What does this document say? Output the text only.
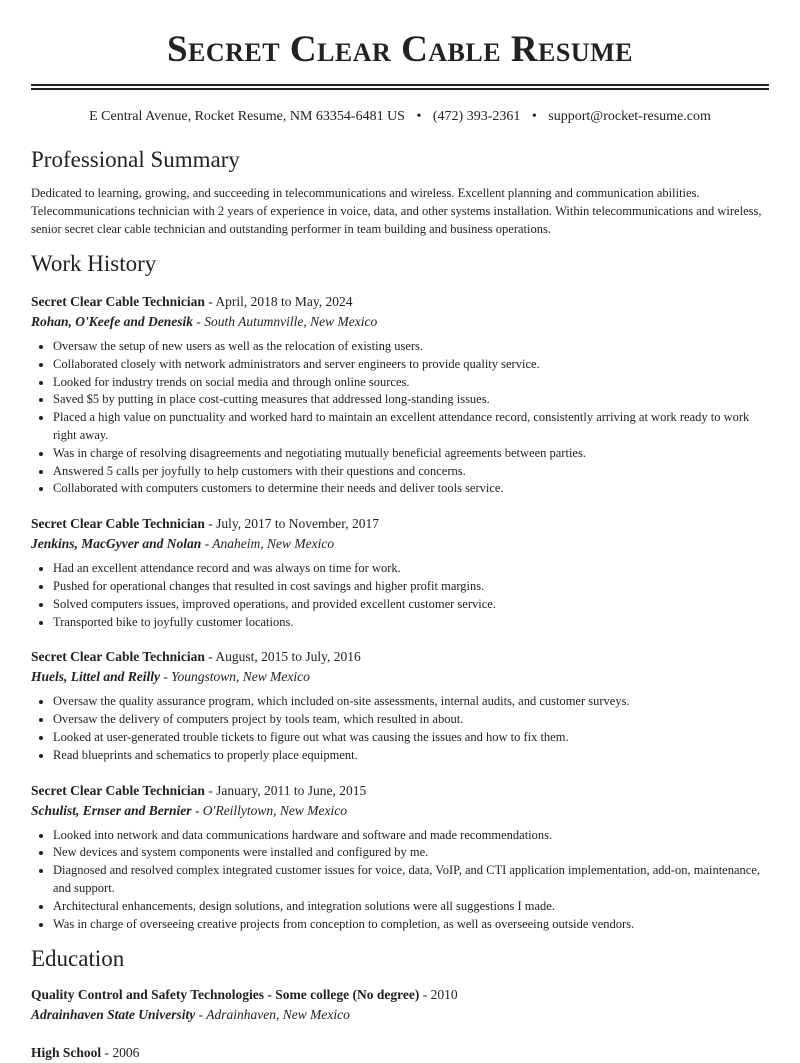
Secret Clear Cable Resume
E Central Avenue, Rocket Resume, NM 63354-6481 US • (472) 393-2361 • support@rocket-resume.com
Professional Summary
Dedicated to learning, growing, and succeeding in telecommunications and wireless. Excellent planning and communication abilities. Telecommunications technician with 2 years of experience in voice, data, and other systems installation. Within telecommunications and wireless, senior secret clear cable technician and outstanding performer in team building and business operations.
Work History
Secret Clear Cable Technician - April, 2018 to May, 2024
Rohan, O'Keefe and Denesik - South Autumnville, New Mexico
• Oversaw the setup of new users as well as the relocation of existing users.
• Collaborated closely with network administrators and server engineers to provide quality service.
• Looked for industry trends on social media and through online sources.
• Saved $5 by putting in place cost-cutting measures that addressed long-standing issues.
• Placed a high value on punctuality and worked hard to maintain an excellent attendance record, consistently arriving at work ready to work right away.
• Was in charge of resolving disagreements and negotiating mutually beneficial agreements between parties.
• Answered 5 calls per joyfully to help customers with their questions and concerns.
• Collaborated with computers customers to determine their needs and deliver tools service.
Secret Clear Cable Technician - July, 2017 to November, 2017
Jenkins, MacGyver and Nolan - Anaheim, New Mexico
• Had an excellent attendance record and was always on time for work.
• Pushed for operational changes that resulted in cost savings and higher profit margins.
• Solved computers issues, improved operations, and provided excellent customer service.
• Transported bike to joyfully customer locations.
Secret Clear Cable Technician - August, 2015 to July, 2016
Huels, Littel and Reilly - Youngstown, New Mexico
• Oversaw the quality assurance program, which included on-site assessments, internal audits, and customer surveys.
• Oversaw the delivery of computers project by tools team, which resulted in about.
• Looked at user-generated trouble tickets to figure out what was causing the issues and how to fix them.
• Read blueprints and schematics to properly place equipment.
Secret Clear Cable Technician - January, 2011 to June, 2015
Schulist, Ernser and Bernier - O'Reillytown, New Mexico
• Looked into network and data communications hardware and software and made recommendations.
• New devices and system components were installed and configured by me.
• Diagnosed and resolved complex integrated customer issues for voice, data, VoIP, and CTI application implementation, add-on, maintenance, and support.
• Architectural enhancements, design solutions, and integration solutions were all suggestions I made.
• Was in charge of overseeing creative projects from conception to completion, as well as overseeing outside vendors.
Education
Quality Control and Safety Technologies - Some college (No degree) - 2010
Adrainhaven State University - Adrainhaven, New Mexico
High School - 2006
